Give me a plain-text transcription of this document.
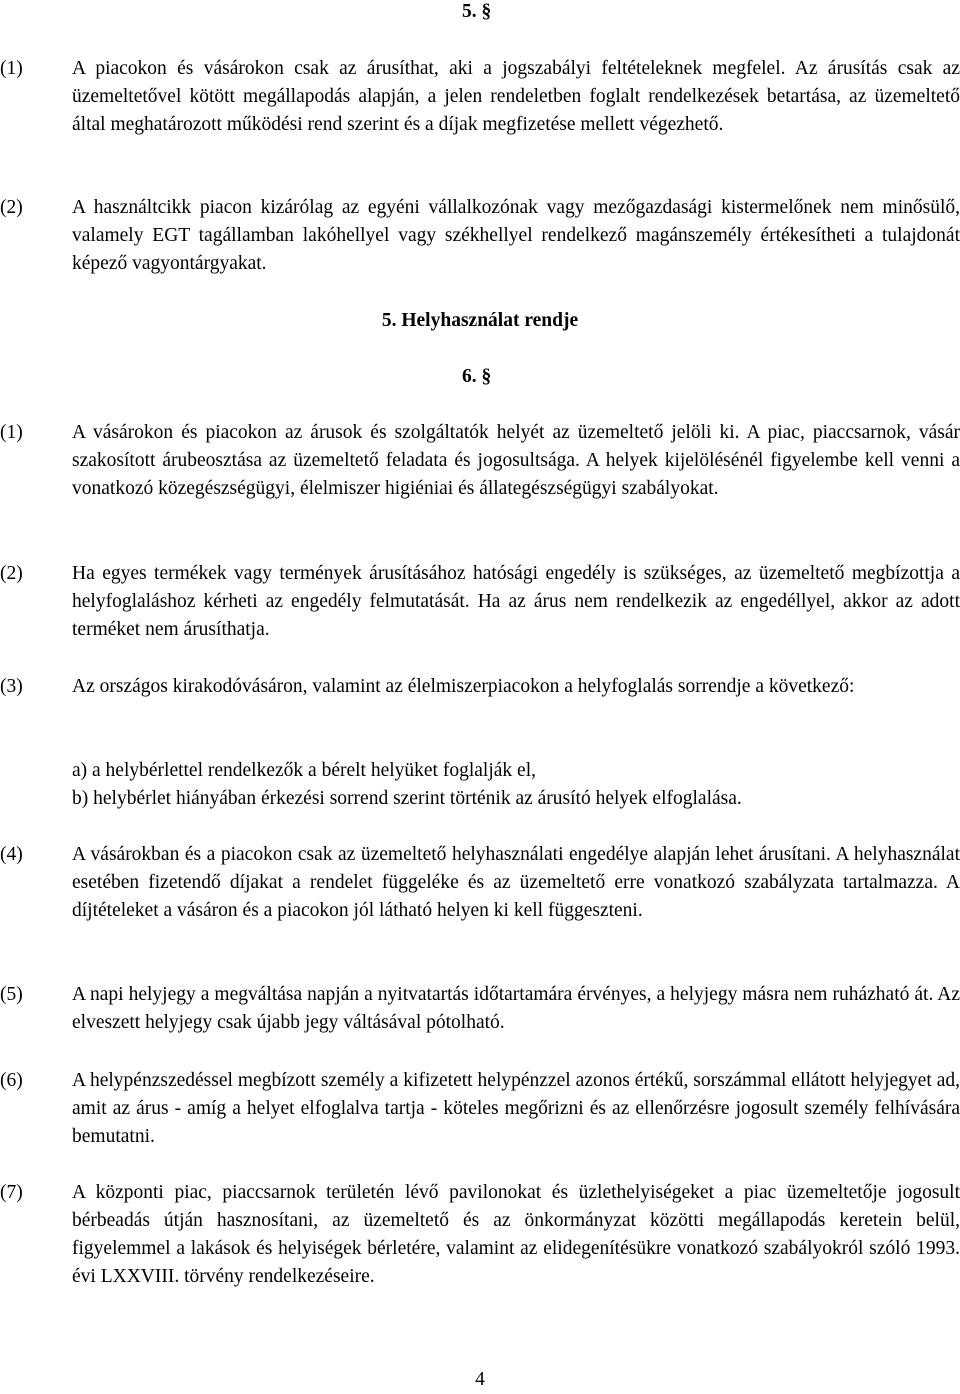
5. §
(1)	A piacokon és vásárokon csak az árusíthat, aki a jogszabályi feltételeknek megfelel. Az árusítás csak az üzemeltetővel kötött megállapodás alapján, a jelen rendeletben foglalt rendelkezések betartása, az üzemeltető által meghatározott működési rend szerint és a díjak megfizetése mellett végezhető.
(2)	A használtcikk piacon kizárólag az egyéni vállalkozónak vagy mezőgazdasági kistermelőnek nem minősülő, valamely EGT tagállamban lakóhellyel vagy székhellyel rendelkező magánszemély értékesítheti a tulajdonát képező vagyontárgyakat.
5. Helyhasználat rendje
6. §
(1)	A vásárokon és piacokon az árusok és szolgáltatók helyét az üzemeltető jelöli ki. A piac, piaccsarnok, vásár szakosított árubeosztása az üzemeltető feladata és jogosultsága. A helyek kijelölésénél figyelembe kell venni a vonatkozó közegészségügyi, élelmiszer higiéniai és állategészségügyi szabályokat.
(2)	Ha egyes termékek vagy termények árusításához hatósági engedély is szükséges, az üzemeltető megbízottja a helyfoglaláshoz kérheti az engedély felmutatását. Ha az árus nem rendelkezik az engedéllyel, akkor az adott terméket nem árusíthatja.
(3)	Az országos kirakodóvásáron, valamint az élelmiszerpiacokon a helyfoglalás sorrendje a következő:
a) a helybérlettel rendelkezők a bérelt helyüket foglalják el,
b) helybérlet hiányában érkezési sorrend szerint történik az árusító helyek elfoglalása.
(4)	A vásárokban és a piacokon csak az üzemeltető helyhasználati engedélye alapján lehet árusítani. A helyhasználat esetében fizetendő díjakat a rendelet függeléke és az üzemeltető erre vonatkozó szabályzata tartalmazza. A díjtételeket a vásáron és a piacokon jól látható helyen ki kell függeszteni.
(5)	A napi helyjegy a megváltása napján a nyitvatartás időtartamára érvényes, a helyjegy másra nem ruházható át. Az elveszett helyjegy csak újabb jegy váltásával pótolható.
(6)	A helypénzszedéssel megbízott személy a kifizetett helypénzzel azonos értékű, sorszámmal ellátott helyjegyet ad, amit az árus - amíg a helyet elfoglalva tartja - köteles megőrizni és az ellenőrzésre jogosult személy felhívására bemutatni.
(7)	A központi piac, piaccsarnok területén lévő pavilonokat és üzlethelyiségeket a piac üzemeltetője jogosult bérbeadás útján hasznosítani, az üzemeltető és az önkormányzat közötti megállapodás keretein belül, figyelemmel a lakások és helyiségek bérletére, valamint az elidegenítésükre vonatkozó szabályokról szóló 1993. évi LXXVIII. törvény rendelkezéseire.
4
